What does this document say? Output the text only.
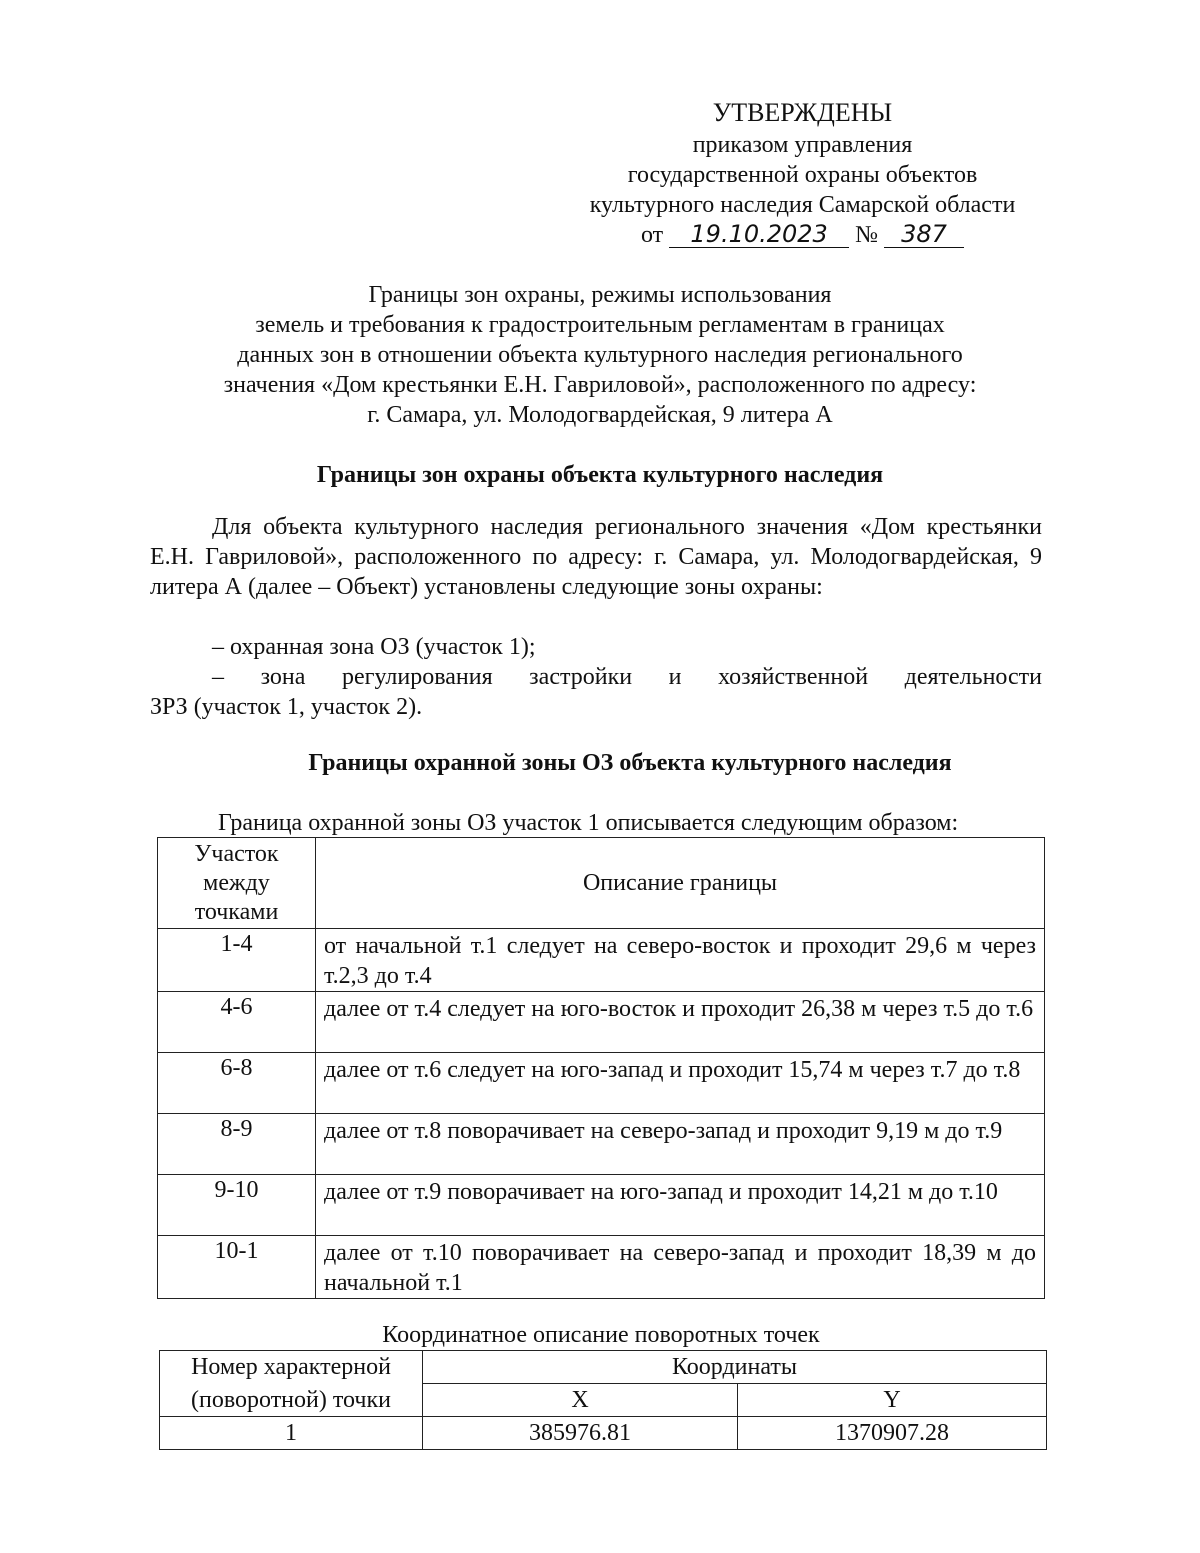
УТВЕРЖДЕНЫ
приказом управления
государственной охраны объектов
культурного наследия Самарской области
от 19.10.2023 № 387
Границы зон охраны, режимы использования
земель и требования к градостроительным регламентам в границах
данных зон в отношении объекта культурного наследия регионального
значения «Дом крестьянки Е.Н. Гавриловой», расположенного по адресу:
г. Самара, ул. Молодогвардейская, 9 литера А
Границы зон охраны объекта культурного наследия
Для объекта культурного наследия регионального значения «Дом крестьянки Е.Н. Гавриловой», расположенного по адресу: г. Самара, ул. Молодогвардейская, 9 литера А (далее – Объект) установлены следующие зоны охраны:
– охранная зона ОЗ (участок 1);
– зона регулирования застройки и хозяйственной деятельности
ЗРЗ (участок 1, участок 2).
Границы охранной зоны ОЗ объекта культурного наследия
Граница охранной зоны ОЗ участок 1 описывается следующим образом:
Участок
между
точками	Описание границы
1-4	от начальной т.1 следует на северо-восток и проходит 29,6 м через т.2,3 до т.4
4-6	далее от т.4 следует на юго-восток и проходит 26,38 м через т.5 до т.6
6-8	далее от т.6 следует на юго-запад и проходит 15,74 м через т.7 до т.8
8-9	далее от т.8 поворачивает на северо-запад и проходит 9,19 м до т.9
9-10	далее от т.9 поворачивает на юго-запад и проходит 14,21 м до т.10
10-1	далее от т.10 поворачивает на северо-запад и проходит 18,39 м до начальной т.1
Координатное описание поворотных точек
Номер характерной	Координаты	
(поворотной) точки	X	Y
1	385976.81	1370907.28
